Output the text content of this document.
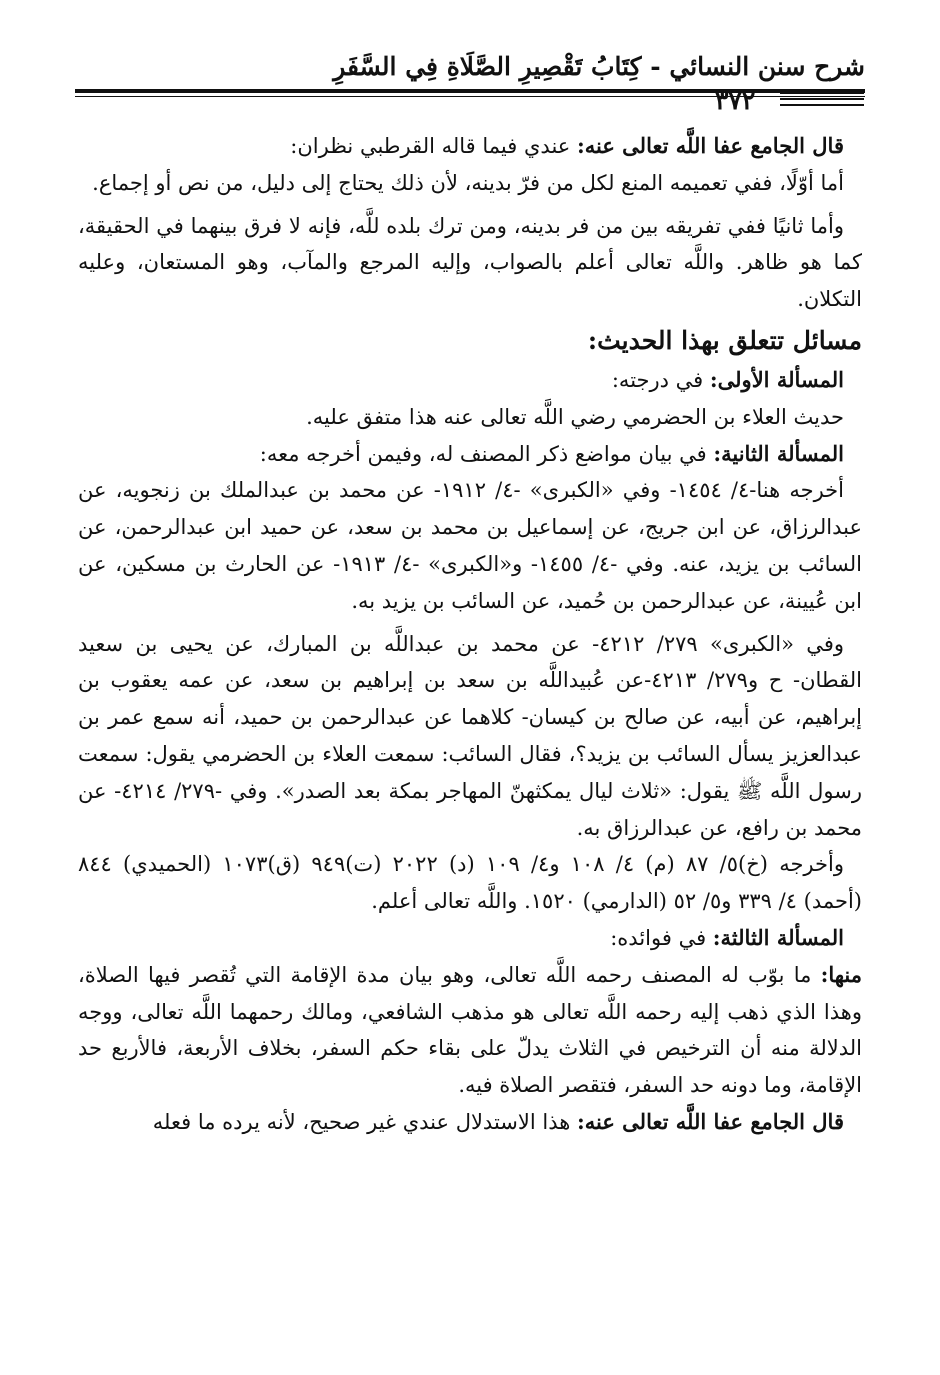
شرح سنن النسائي - كِتَابُ تَقْصِيرِ الصَّلَاةِ فِي السَّفَرِ
٣٧٢

قال الجامع عفا اللَّه تعالى عنه: عندي فيما قاله القرطبي نظران:

أما أوّلًا، ففي تعميمه المنع لكل من فرّ بدينه، لأن ذلك يحتاج إلى دليل، من نص أو إجماع.

وأما ثانيًا ففي تفريقه بين من فر بدينه، ومن ترك بلده للَّه، فإنه لا فرق بينهما في الحقيقة، كما هو ظاهر. واللَّه تعالى أعلم بالصواب، وإليه المرجع والمآب، وهو المستعان، وعليه التكلان.

مسائل تتعلق بهذا الحديث:

المسألة الأولى: في درجته:

حديث العلاء بن الحضرمي رضي اللَّه تعالى عنه هذا متفق عليه.

المسألة الثانية: في بيان مواضع ذكر المصنف له، وفيمن أخرجه معه:

أخرجه هنا-٤/ ١٤٥٤- وفي «الكبرى» -٤/ ١٩١٢- عن محمد بن عبدالملك بن زنجويه، عن عبدالرزاق، عن ابن جريج، عن إسماعيل بن محمد بن سعد، عن حميد ابن عبدالرحمن، عن السائب بن يزيد، عنه. وفي -٤/ ١٤٥٥- و«الكبرى» -٤/ ١٩١٣- عن الحارث بن مسكين، عن ابن عُيينة، عن عبدالرحمن بن حُميد، عن السائب بن يزيد به.

وفي «الكبرى» ٢٧٩/ ٤٢١٢- عن محمد بن عبداللَّه بن المبارك، عن يحيى بن سعيد القطان- ح و٢٧٩/ ٤٢١٣-عن عُبيداللَّه بن سعد بن إبراهيم بن سعد، عن عمه يعقوب بن إبراهيم، عن أبيه، عن صالح بن كيسان- كلاهما عن عبدالرحمن بن حميد، أنه سمع عمر بن عبدالعزيز يسأل السائب بن يزيد؟، فقال السائب: سمعت العلاء بن الحضرمي يقول: سمعت رسول اللَّه ﷺ يقول: «ثلاث ليال يمكثهنّ المهاجر بمكة بعد الصدر». وفي -٢٧٩/ ٤٢١٤- عن محمد بن رافع، عن عبدالرزاق به.

وأخرجه (خ)٥/ ٨٧ (م) ٤/ ١٠٨ و٤/ ١٠٩ (د) ٢٠٢٢ (ت)٩٤٩ (ق)١٠٧٣ (الحميدي) ٨٤٤ (أحمد) ٤/ ٣٣٩ و٥/ ٥٢ (الدارمي) ١٥٢٠. واللَّه تعالى أعلم.

المسألة الثالثة: في فوائده:

منها: ما بوّب له المصنف رحمه اللَّه تعالى، وهو بيان مدة الإقامة التي تُقصر فيها الصلاة، وهذا الذي ذهب إليه رحمه اللَّه تعالى هو مذهب الشافعي، ومالك رحمهما اللَّه تعالى، ووجه الدلالة منه أن الترخيص في الثلاث يدلّ على بقاء حكم السفر، بخلاف الأربعة، فالأربع حد الإقامة، وما دونه حد السفر، فتقصر الصلاة فيه.

قال الجامع عفا اللَّه تعالى عنه: هذا الاستدلال عندي غير صحيح، لأنه يرده ما فعله
